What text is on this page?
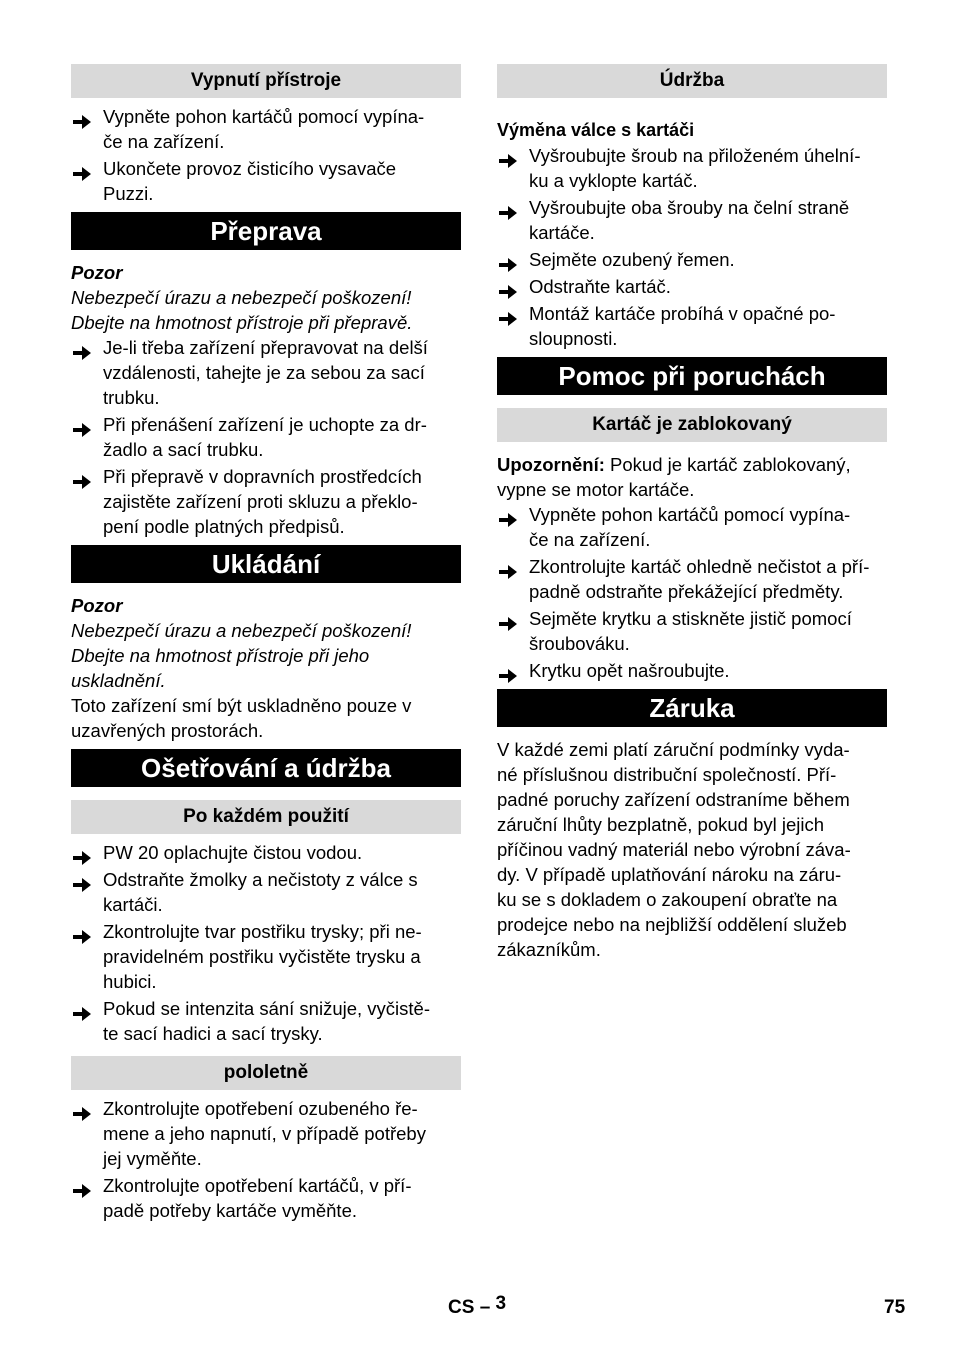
Vypnutí přístroje
Vypněte pohon kartáčů pomocí vypína-
če na zařízení.
Ukončete provoz čisticího vysavače
Puzzi.
Přeprava

Pozor

Nebezpečí úrazu a nebezpečí poškození!
Dbejte na hmotnost přístroje při přepravě.

Je-li třeba zařízení přepravovat na delší
vzdálenosti, tahejte je za sebou za sací
trubku.
Při přenášení zařízení je uchopte za dr-
žadlo a sací trubku.
Při přepravě v dopravních prostředcích
zajistěte zařízení proti skluzu a překlo-
pení podle platných předpisů.
Ukládání

Pozor

Nebezpečí úrazu a nebezpečí poškození!
Dbejte na hmotnost přístroje při jeho
uskladnění.

Toto zařízení smí být uskladněno pouze v
uzavřených prostorách.

Ošetřování a údržba
Po každém použití
PW 20 oplachujte čistou vodou.
Odstraňte žmolky a nečistoty z válce s
kartáči.
Zkontrolujte tvar postřiku trysky; při ne-
pravidelném postřiku vyčistěte trysku a
hubici.
Pokud se intenzita sání snižuje, vyčistě-
te sací hadici a sací trysky.
pololetně
Zkontrolujte opotřebení ozubeného ře-
mene a jeho napnutí, v případě potřeby
jej vyměňte.
Zkontrolujte opotřebení kartáčů, v pří-
padě potřeby kartáče vyměňte.
Údržba

Výměna válce s kartáči

Vyšroubujte šroub na přiloženém úhelní-
ku a vyklopte kartáč.
Vyšroubujte oba šrouby na čelní straně
kartáče.
Sejměte ozubený řemen.
Odstraňte kartáč.
Montáž kartáče probíhá v opačné po-
sloupnosti.
Pomoc při poruchách
Kartáč je zablokovaný

Upozornění: Pokud je kartáč zablokovaný,
vypne se motor kartáče.

Vypněte pohon kartáčů pomocí vypína-
če na zařízení.
Zkontrolujte kartáč ohledně nečistot a pří-
padně odstraňte překážející předměty.
Sejměte krytku a stiskněte jistič pomocí
šroubováku.
Krytku opět našroubujte.
Záruka

V každé zemi platí záruční podmínky vyda-
né příslušnou distribuční společností. Pří-
padné poruchy zařízení odstraníme během
záruční lhůty bezplatně, pokud byl jejich
příčinou vadný materiál nebo výrobní záva-
dy. V případě uplatňování nároku na záru-
ku se s dokladem o zakoupení obraťte na
prodejce nebo na nejbližší oddělení služeb
zákazníkům.

CS – 3	75
